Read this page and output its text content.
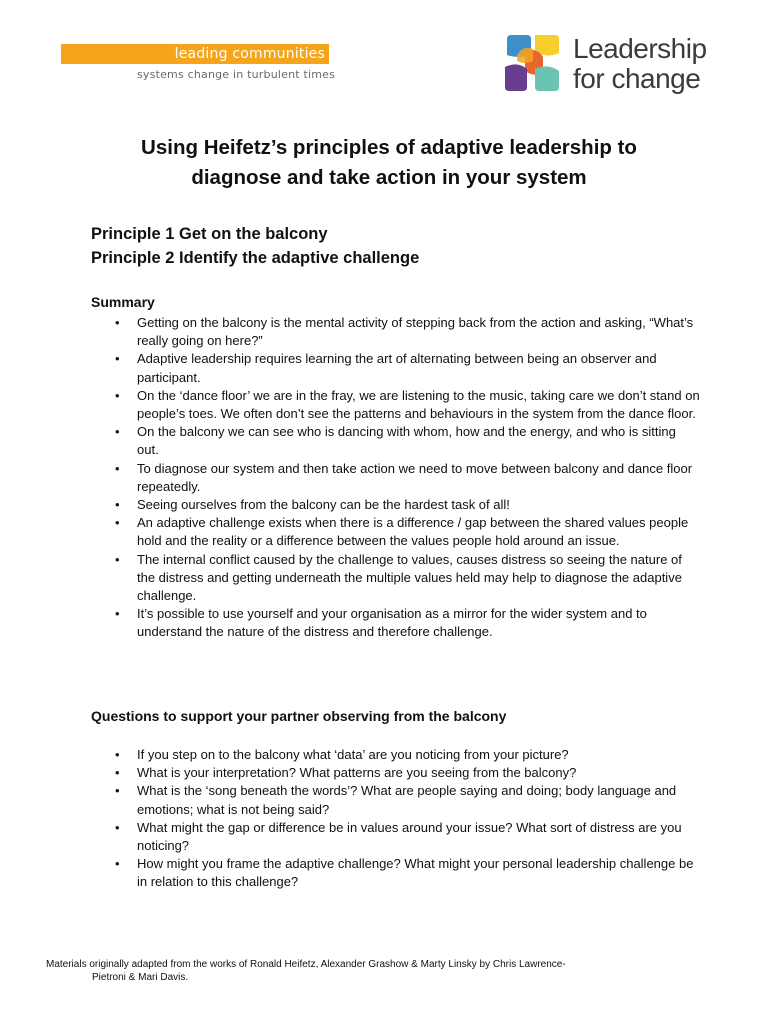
leading communities
systems change in turbulent times
Leadership
for change
Using Heifetz’s principles of adaptive leadership to
diagnose and take action in your system
Principle 1 Get on the balcony
Principle 2 Identify the adaptive challenge
Summary
• Getting on the balcony is the mental activity of stepping back from the action and asking, “What’s really going on here?”
• Adaptive leadership requires learning the art of alternating between being an observer and participant.
• On the ‘dance floor’ we are in the fray, we are listening to the music, taking care we don’t stand on people’s toes. We often don’t see the patterns and behaviours in the system from the dance floor.
• On the balcony we can see who is dancing with whom, how and the energy, and who is sitting out.
• To diagnose our system and then take action we need to move between balcony and dance floor repeatedly.
• Seeing ourselves from the balcony can be the hardest task of all!
• An adaptive challenge exists when there is a difference / gap between the shared values people hold and the reality or a difference between the values people hold around an issue.
• The internal conflict caused by the challenge to values, causes distress so seeing the nature of the distress and getting underneath the multiple values held may help to diagnose the adaptive challenge.
• It’s possible to use yourself and your organisation as a mirror for the wider system and to understand the nature of the distress and therefore challenge.
Questions to support your partner observing from the balcony
• If you step on to the balcony what ‘data’ are you noticing from your picture?
• What is your interpretation? What patterns are you seeing from the balcony?
• What is the ‘song beneath the words’? What are people saying and doing; body language and emotions; what is not being said?
• What might the gap or difference be in values around your issue? What sort of distress are you noticing?
• How might you frame the adaptive challenge? What might your personal leadership challenge be in relation to this challenge?
Materials originally adapted from the works of Ronald Heifetz, Alexander Grashow & Marty Linsky by Chris Lawrence-
Pietroni & Mari Davis.
